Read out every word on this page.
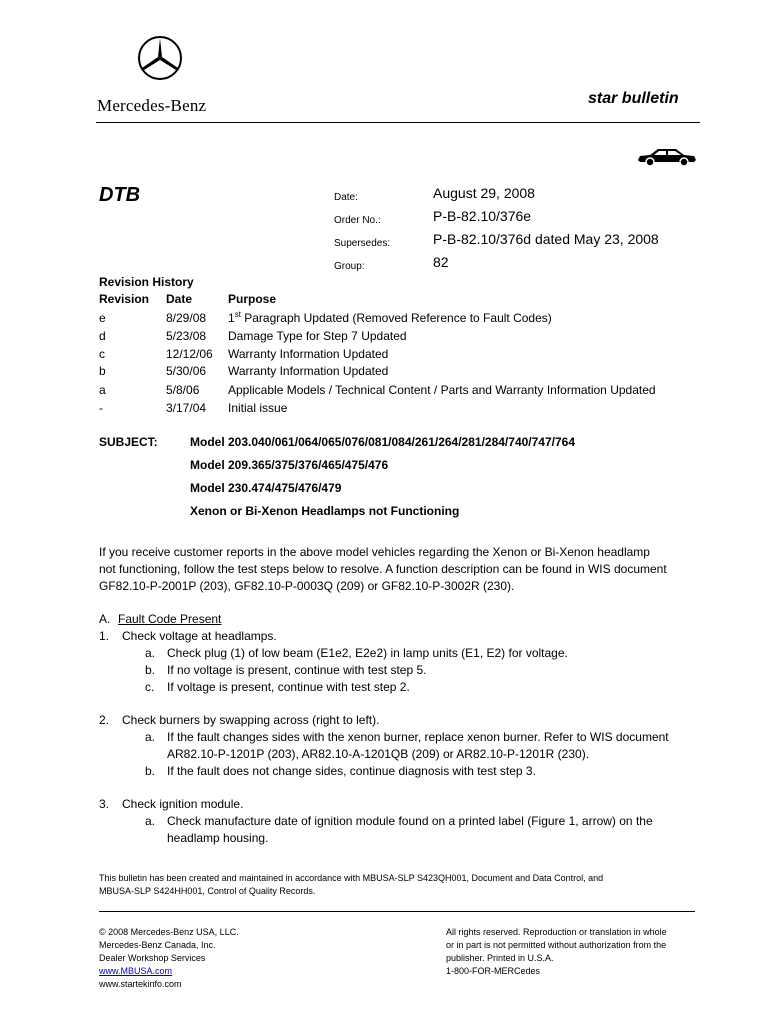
Mercedes-Benz	star bulletin
DTB	Date:	August 29, 2008
Order No.:	P-B-82.10/376e
Supersedes:	P-B-82.10/376d dated May 23, 2008
Group:	82
Revision History
Revision Date	Purpose
e	8/29/08 1st Paragraph Updated (Removed Reference to Fault Codes)
d	5/23/08 Damage Type for Step 7 Updated
c	12/12/06 Warranty Information Updated
b	5/30/06 Warranty Information Updated
a	5/8/06 Applicable Models / Technical Content / Parts and Warranty Information Updated
-	3/17/04 Initial issue
SUBJECT:	Model 203.040/061/064/065/076/081/084/261/264/281/284/740/747/764
Model 209.365/375/376/465/475/476
Model 230.474/475/476/479
Xenon or Bi-Xenon Headlamps not Functioning
If you receive customer reports in the above model vehicles regarding the Xenon or Bi-Xenon headlamp
not functioning, follow the test steps below to resolve. A function description can be found in WIS document
GF82.10-P-2001P (203), GF82.10-P-0003Q (209) or GF82.10-P-3002R (230).
A. Fault Code Present
1. Check voltage at headlamps.
a. Check plug (1) of low beam (E1e2, E2e2) in lamp units (E1, E2) for voltage.
b. If no voltage is present, continue with test step 5.
c. If voltage is present, continue with test step 2.
2. Check burners by swapping across (right to left).
a. If the fault changes sides with the xenon burner, replace xenon burner. Refer to WIS document
AR82.10-P-1201P (203), AR82.10-A-1201QB (209) or AR82.10-P-1201R (230).
b. If the fault does not change sides, continue diagnosis with test step 3.
3. Check ignition module.
a. Check manufacture date of ignition module found on a printed label (Figure 1, arrow) on the
headlamp housing.
This bulletin has been created and maintained in accordance with MBUSA-SLP S423QH001, Document and Data Control, and
MBUSA-SLP S424HH001, Control of Quality Records.
© 2008 Mercedes-Benz USA, LLC.
Mercedes-Benz Canada, Inc.
Dealer Workshop Services
www.MBUSA.com
www.startekinfo.com
All rights reserved. Reproduction or translation in whole
or in part is not permitted without authorization from the
publisher. Printed in U.S.A.
1-800-FOR-MERCedes
